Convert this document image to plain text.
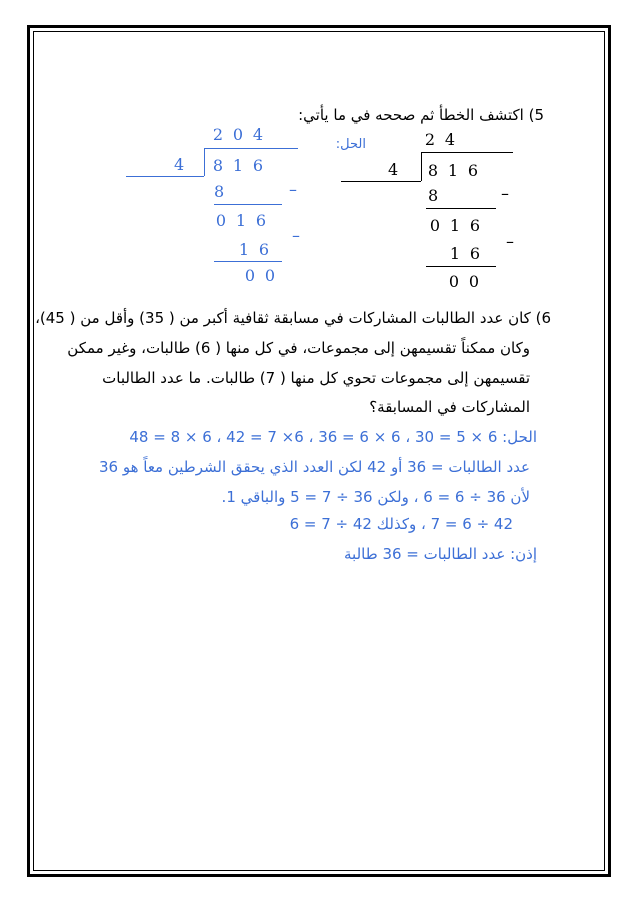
5) اكتشف الخطأ ثم صححه في ما يأتي:
الحل:
2 0 4
4	8 1 6
8	–
0 1 6
–
1 6
0 0
2 4
4	8 1 6
8	–
0 1 6
–
1 6
0 0
6) كان عدد الطالبات المشاركات في مسابقة ثقافية أكبر من ( 35) وأقل من ( 45)،
وكان ممكناً تقسيمهن إلى مجموعات، في كل منها ( 6) طالبات، وغير ممكن
تقسيمهن إلى مجموعات تحوي كل منها ( 7) طالبات. ما عدد الطالبات
المشاركات في المسابقة؟
الحل: 6 × 5 = 30 ، 6 × 6 = 36 ، 6× 7 = 42 ، 6 × 8 = 48
عدد الطالبات = 36 أو 42 لكن العدد الذي يحقق الشرطين معاً هو 36
لأن 36 ÷ 6 = 6 ، ولكن 36 ÷ 7 = 5 والباقي 1.
42 ÷ 6 = 7 ، وكذلك 42 ÷ 7 = 6
إذن: عدد الطالبات = 36 طالبة
